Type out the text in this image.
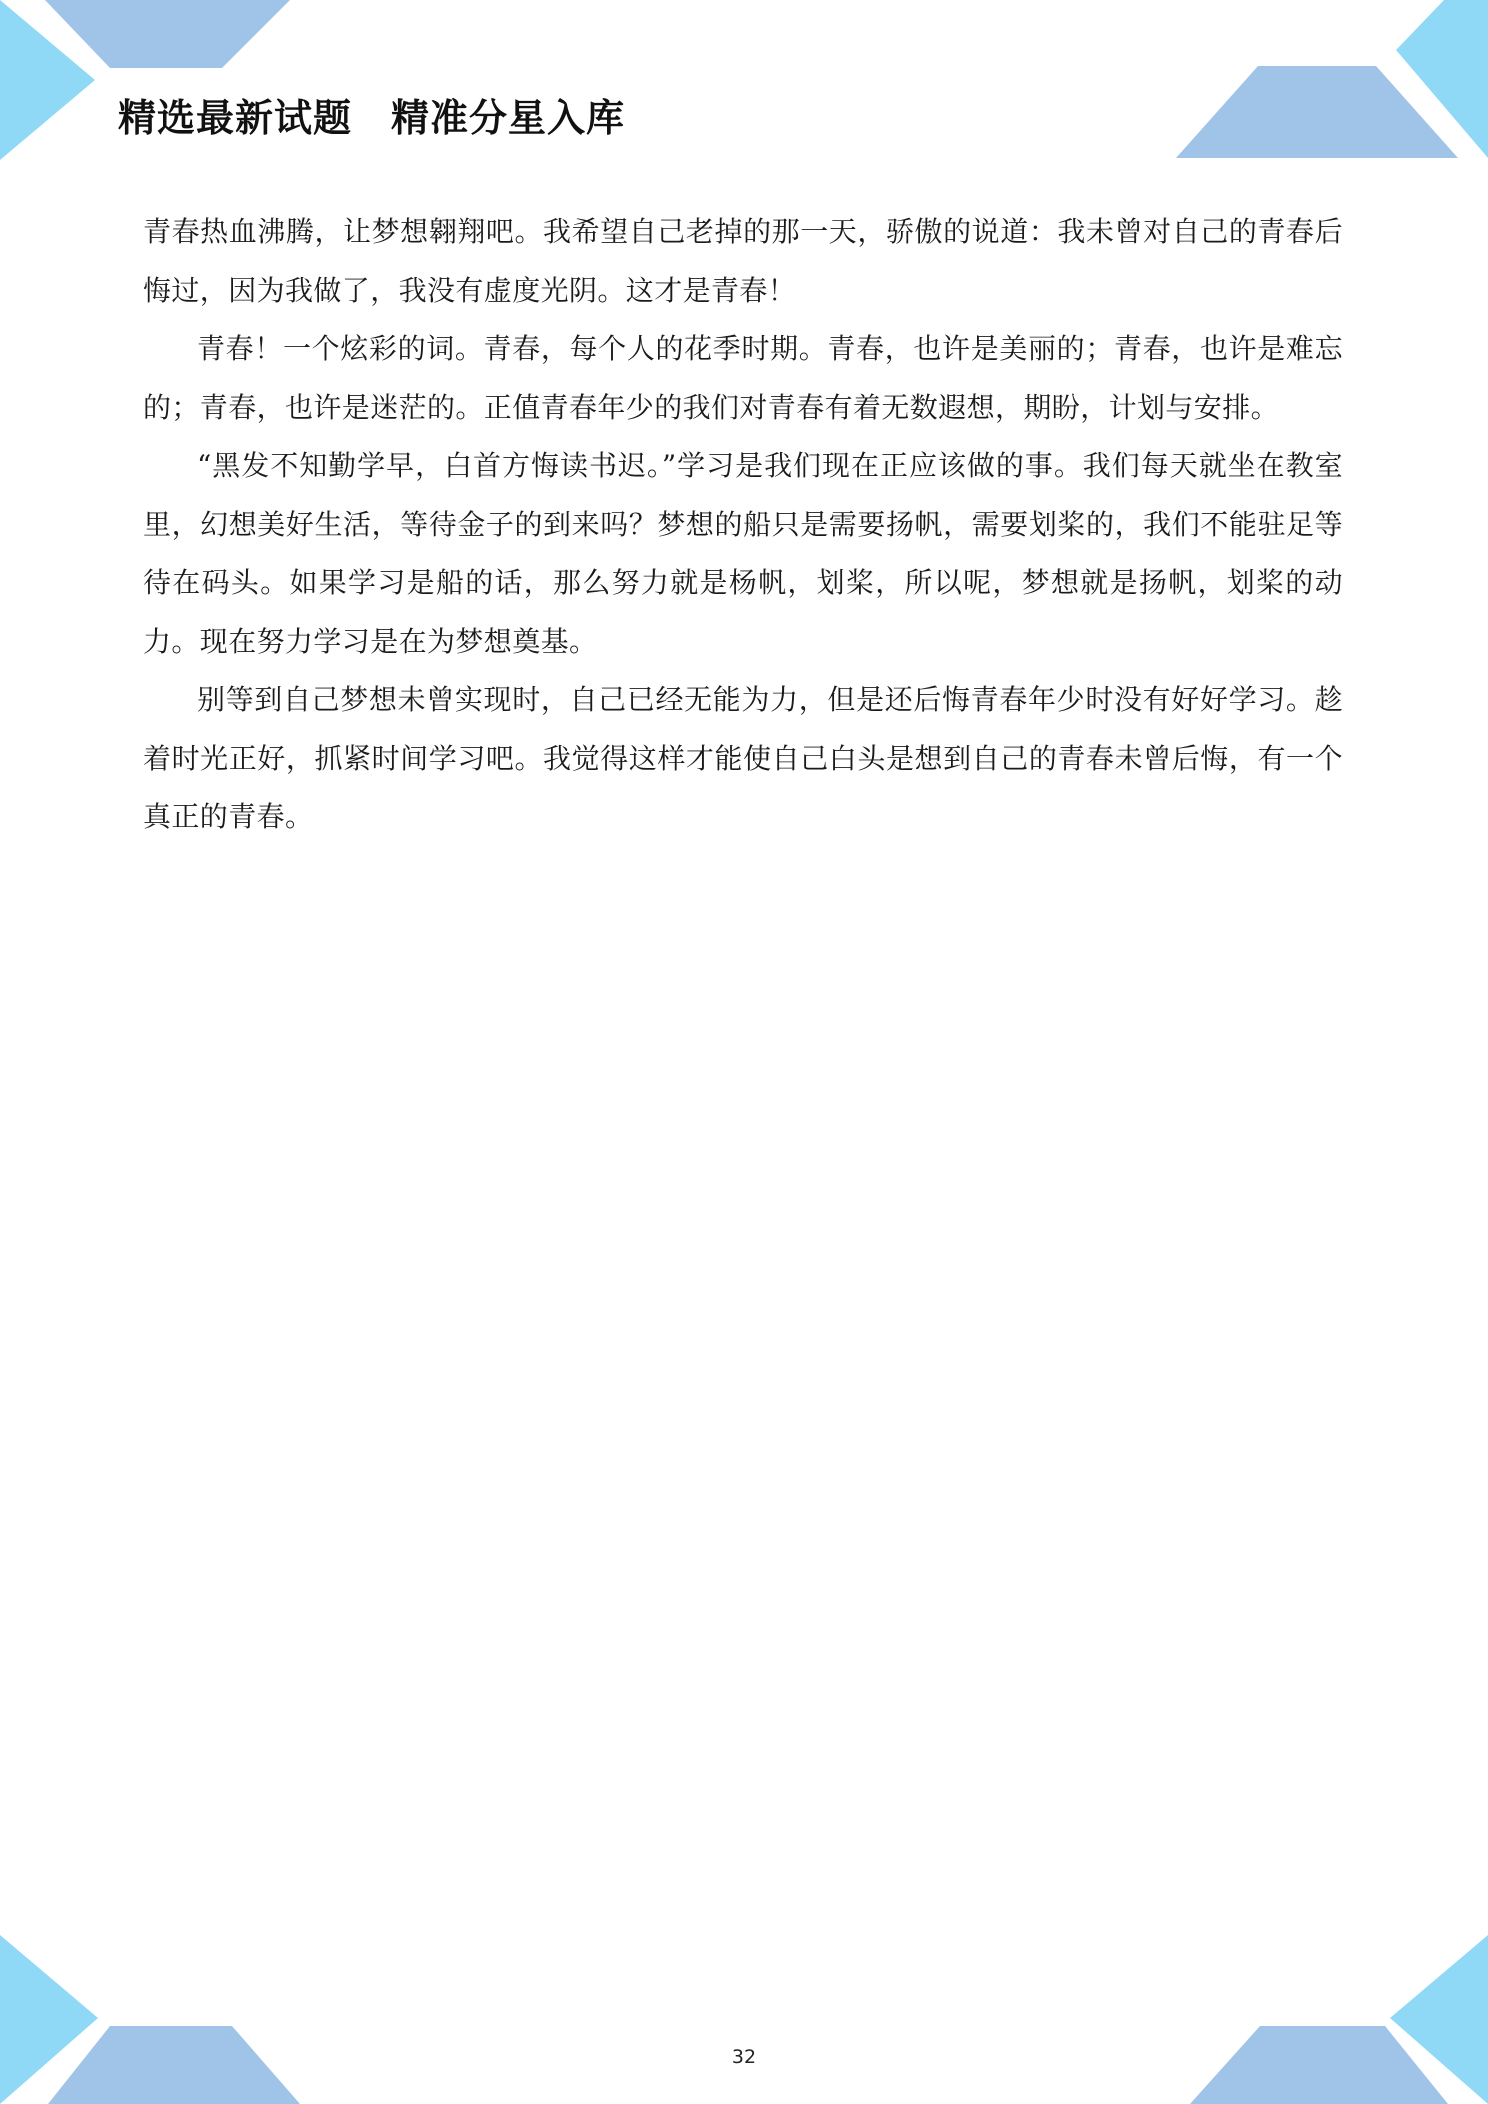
精选最新试题　精准分星入库

青春热血沸腾，让梦想翱翔吧。我希望自己老掉的那一天，骄傲的说道：我未曾对自己的青春后悔过，因为我做了，我没有虚度光阴。这才是青春！

青春！一个炫彩的词。青春，每个人的花季时期。青春，也许是美丽的；青春，也许是难忘的；青春，也许是迷茫的。正值青春年少的我们对青春有着无数遐想，期盼，计划与安排。

“黑发不知勤学早，白首方悔读书迟。”学习是我们现在正应该做的事。我们每天就坐在教室里，幻想美好生活，等待金子的到来吗？梦想的船只是需要扬帆，需要划桨的，我们不能驻足等待在码头。如果学习是船的话，那么努力就是杨帆，划桨，所以呢，梦想就是扬帆，划桨的动力。现在努力学习是在为梦想奠基。

别等到自己梦想未曾实现时，自己已经无能为力，但是还后悔青春年少时没有好好学习。趁着时光正好，抓紧时间学习吧。我觉得这样才能使自己白头是想到自己的青春未曾后悔，有一个真正的青春。

32
